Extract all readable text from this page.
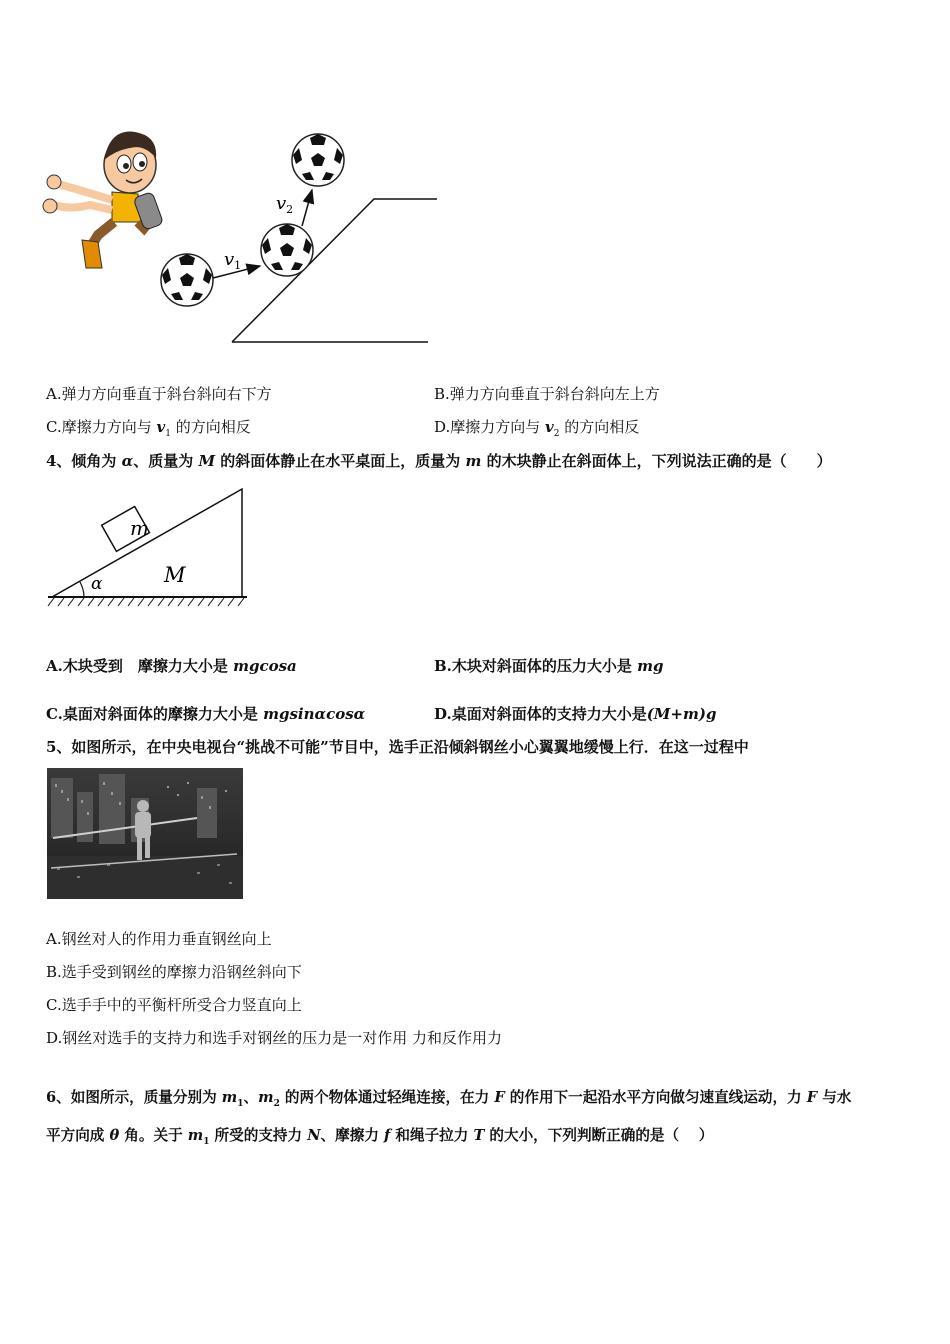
$v_1$
$v_2$
A.弹力方向垂直于斜台斜向右下方	B.弹力方向垂直于斜台斜向左上方
C.摩擦力方向与 $v_1$ 的方向相反	D.摩擦力方向与 $v_2$ 的方向相反
4、倾角为 α、质量为 M 的斜面体静止在水平桌面上，质量为 m 的木块静止在斜面体上，下列说法正确的是（　　）
m
M
α
A.木块受到　摩擦力大小是 mgcosa	B.木块对斜面体的压力大小是 mg
C.桌面对斜面体的摩擦力大小是 mgsinαcosα	D.桌面对斜面体的支持力大小是(M+m)g
5、如图所示，在中央电视台“挑战不可能”节目中，选手正沿倾斜钢丝小心翼翼地缓慢上行．在这一过程中
A.钢丝对人的作用力垂直钢丝向上
B.选手受到钢丝的摩擦力沿钢丝斜向下
C.选手手中的平衡杆所受合力竖直向上
D.钢丝对选手的支持力和选手对钢丝的压力是一对作用 力和反作用力
6、如图所示，质量分别为 $m_1$、$m_2$ 的两个物体通过轻绳连接，在力 F 的作用下一起沿水平方向做匀速直线运动，力 F 与水
平方向成 θ 角。关于 $m_1$ 所受的支持力 N、摩擦力 f 和绳子拉力 T 的大小，下列判断正确的是（　 ）
